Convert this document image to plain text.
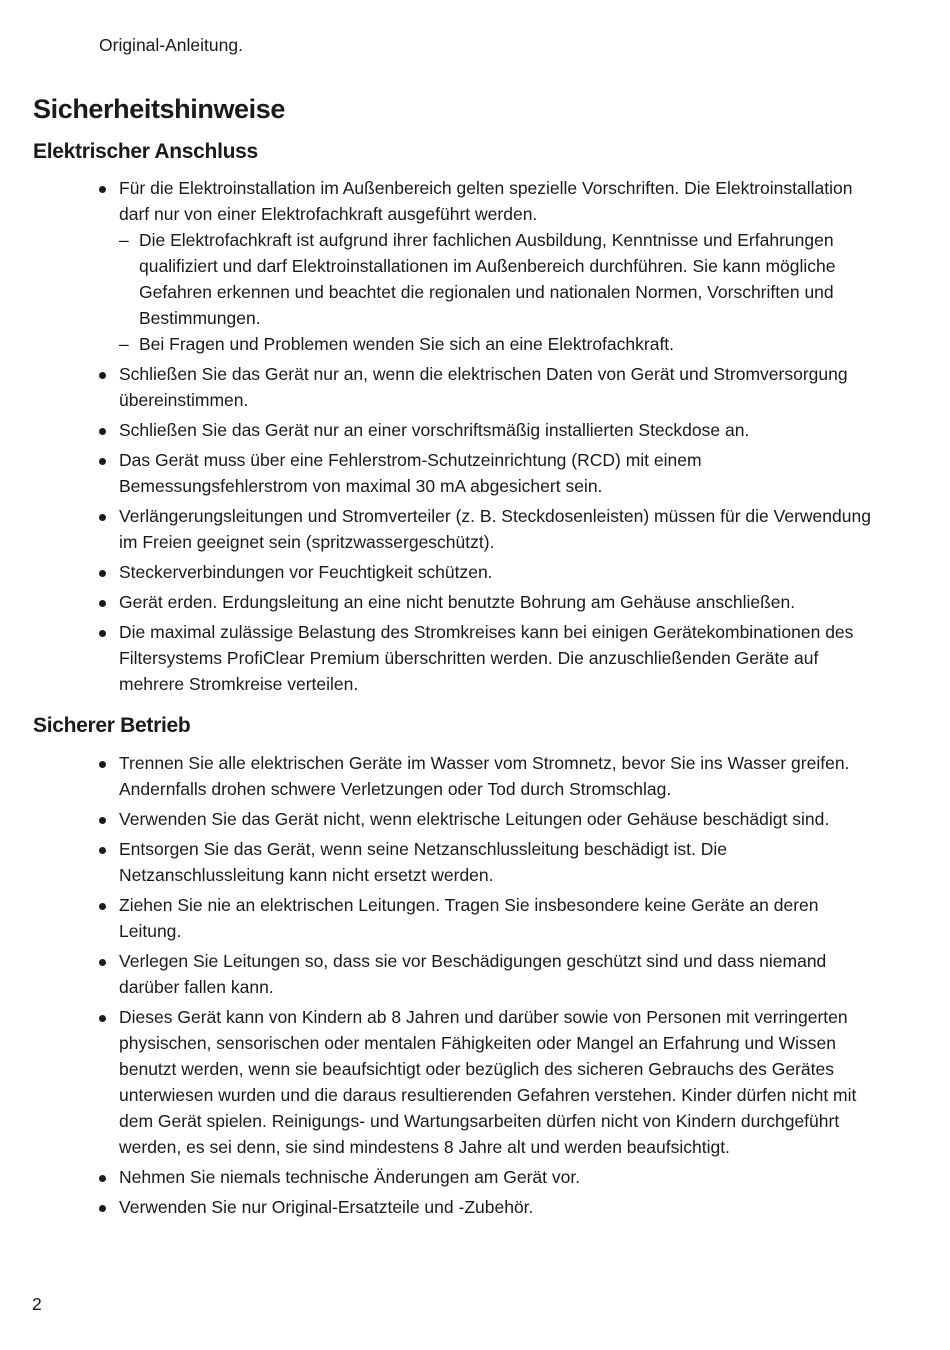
Original-Anleitung.
Sicherheitshinweise
Elektrischer Anschluss
Für die Elektroinstallation im Außenbereich gelten spezielle Vorschriften. Die Elektroinstallation darf nur von einer Elektrofachkraft ausgeführt werden.
– Die Elektrofachkraft ist aufgrund ihrer fachlichen Ausbildung, Kenntnisse und Erfahrungen qualifiziert und darf Elektroinstallationen im Außenbereich durchführen. Sie kann mögliche Gefahren erkennen und beachtet die regionalen und nationalen Normen, Vorschriften und Bestimmungen.
– Bei Fragen und Problemen wenden Sie sich an eine Elektrofachkraft.
Schließen Sie das Gerät nur an, wenn die elektrischen Daten von Gerät und Stromversorgung übereinstimmen.
Schließen Sie das Gerät nur an einer vorschriftsmäßig installierten Steckdose an.
Das Gerät muss über eine Fehlerstrom-Schutzeinrichtung (RCD) mit einem Bemessungsfehlerstrom von maximal 30 mA abgesichert sein.
Verlängerungsleitungen und Stromverteiler (z. B. Steckdosenleisten) müssen für die Verwendung im Freien geeignet sein (spritzwassergeschützt).
Steckerverbindungen vor Feuchtigkeit schützen.
Gerät erden. Erdungsleitung an eine nicht benutzte Bohrung am Gehäuse anschließen.
Die maximal zulässige Belastung des Stromkreises kann bei einigen Gerätekombinationen des Filtersystems ProfiClear Premium überschritten werden. Die anzuschließenden Geräte auf mehrere Stromkreise verteilen.
Sicherer Betrieb
Trennen Sie alle elektrischen Geräte im Wasser vom Stromnetz, bevor Sie ins Wasser greifen. Andernfalls drohen schwere Verletzungen oder Tod durch Stromschlag.
Verwenden Sie das Gerät nicht, wenn elektrische Leitungen oder Gehäuse beschädigt sind.
Entsorgen Sie das Gerät, wenn seine Netzanschlussleitung beschädigt ist. Die Netzanschlussleitung kann nicht ersetzt werden.
Ziehen Sie nie an elektrischen Leitungen. Tragen Sie insbesondere keine Geräte an deren Leitung.
Verlegen Sie Leitungen so, dass sie vor Beschädigungen geschützt sind und dass niemand darüber fallen kann.
Dieses Gerät kann von Kindern ab 8 Jahren und darüber sowie von Personen mit verringerten physischen, sensorischen oder mentalen Fähigkeiten oder Mangel an Erfahrung und Wissen benutzt werden, wenn sie beaufsichtigt oder bezüglich des sicheren Gebrauchs des Gerätes unterwiesen wurden und die daraus resultierenden Gefahren verstehen. Kinder dürfen nicht mit dem Gerät spielen. Reinigungs- und Wartungsarbeiten dürfen nicht von Kindern durchgeführt werden, es sei denn, sie sind mindestens 8 Jahre alt und werden beaufsichtigt.
Nehmen Sie niemals technische Änderungen am Gerät vor.
Verwenden Sie nur Original-Ersatzteile und -Zubehör.
2
